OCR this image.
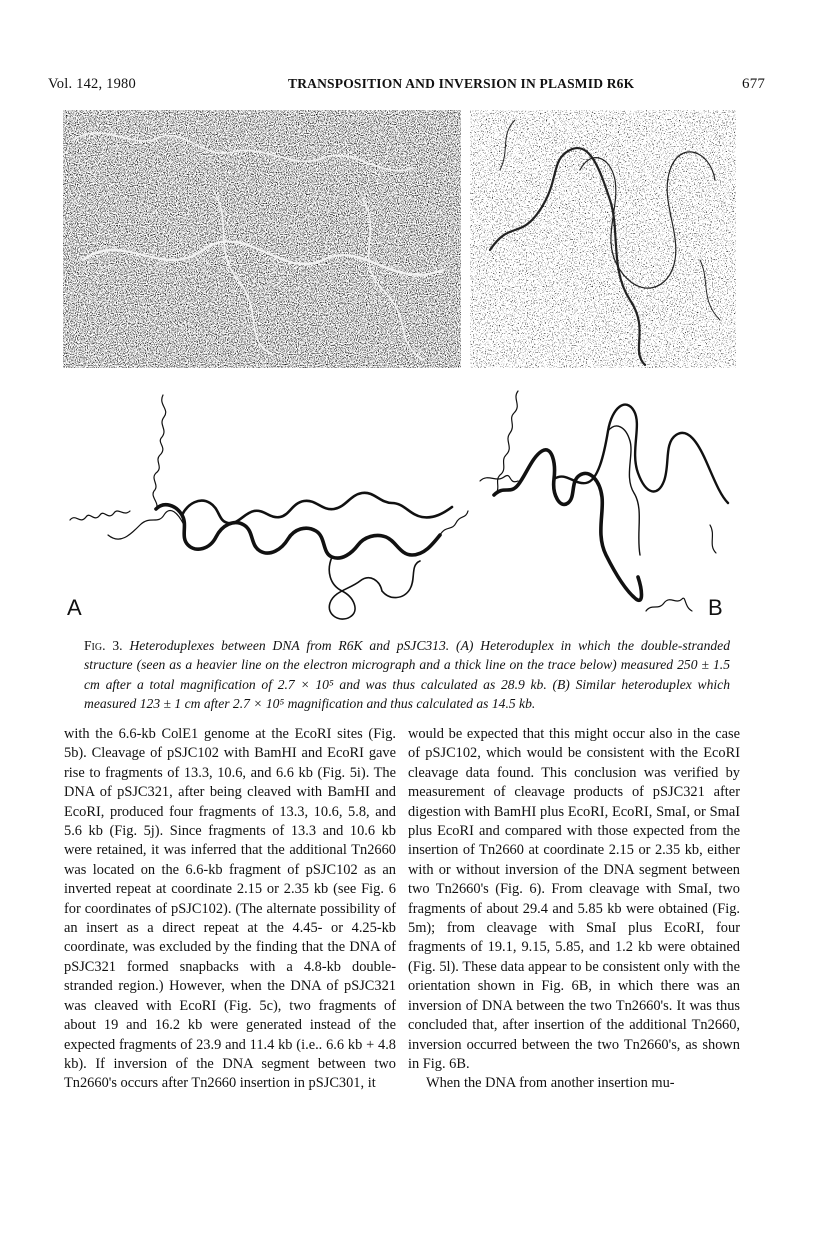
Vol. 142, 1980	TRANSPOSITION AND INVERSION IN PLASMID R6K	677
A	B
Fig. 3. Heteroduplexes between DNA from R6K and pSJC313. (A) Heteroduplex in which the double-stranded structure (seen as a heavier line on the electron micrograph and a thick line on the trace below) measured 250 ± 1.5 cm after a total magnification of 2.7 × 10⁵ and was thus calculated as 28.9 kb. (B) Similar heteroduplex which measured 123 ± 1 cm after 2.7 × 10⁵ magnification and thus calculated as 14.5 kb.

with the 6.6-kb ColE1 genome at the EcoRI sites (Fig. 5b). Cleavage of pSJC102 with BamHI and EcoRI gave rise to fragments of 13.3, 10.6, and 6.6 kb (Fig. 5i). The DNA of pSJC321, after being cleaved with BamHI and EcoRI, produced four fragments of 13.3, 10.6, 5.8, and 5.6 kb (Fig. 5j). Since fragments of 13.3 and 10.6 kb were retained, it was inferred that the additional Tn2660 was located on the 6.6-kb fragment of pSJC102 as an inverted repeat at coordinate 2.15 or 2.35 kb (see Fig. 6 for coordinates of pSJC102). (The alternate possibility of an insert as a direct repeat at the 4.45- or 4.25-kb coordinate, was excluded by the finding that the DNA of pSJC321 formed snapbacks with a 4.8-kb double-stranded region.) However, when the DNA of pSJC321 was cleaved with EcoRI (Fig. 5c), two fragments of about 19 and 16.2 kb were generated instead of the expected fragments of 23.9 and 11.4 kb (i.e.. 6.6 kb + 4.8 kb). If inversion of the DNA segment between two Tn2660's occurs after Tn2660 insertion in pSJC301, it

would be expected that this might occur also in the case of pSJC102, which would be consistent with the EcoRI cleavage data found. This conclusion was verified by measurement of cleavage products of pSJC321 after digestion with BamHI plus EcoRI, EcoRI, SmaI, or SmaI plus EcoRI and compared with those expected from the insertion of Tn2660 at coordinate 2.15 or 2.35 kb, either with or without inversion of the DNA segment between two Tn2660's (Fig. 6). From cleavage with SmaI, two fragments of about 29.4 and 5.85 kb were obtained (Fig. 5m); from cleavage with SmaI plus EcoRI, four fragments of 19.1, 9.15, 5.85, and 1.2 kb were obtained (Fig. 5l). These data appear to be consistent only with the orientation shown in Fig. 6B, in which there was an inversion of DNA between the two Tn2660's. It was thus concluded that, after insertion of the additional Tn2660, inversion occurred between the two Tn2660's, as shown in Fig. 6B.

When the DNA from another insertion mu-
